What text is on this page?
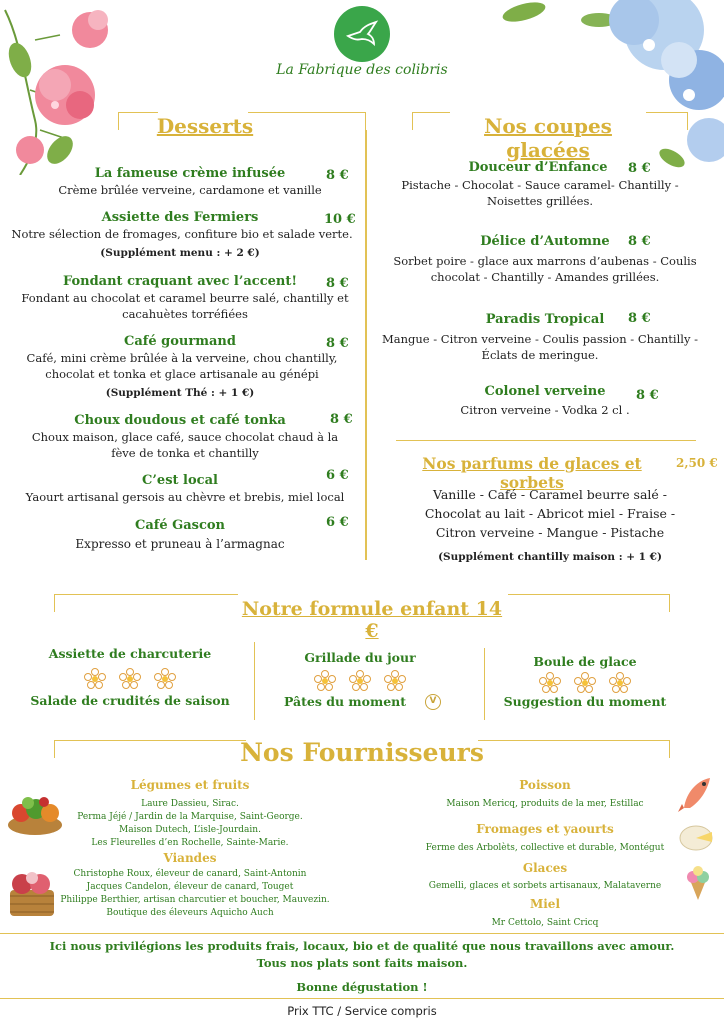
La Fabrique des colibris
Desserts
La fameuse crème infusée	8 €
Crème brûlée verveine, cardamone et vanille
Assiette des Fermiers	10 €
Notre sélection de fromages, confiture bio et salade verte.
(Supplément menu : + 2 €)
Fondant craquant avec l’accent!	8 €
Fondant au chocolat et caramel beurre salé, chantilly et cacahuètes torréfiées
Café gourmand	8 €
Café, mini crème brûlée à la verveine, chou chantilly, chocolat et tonka et glace artisanale au génépi
(Supplément Thé : + 1 €)
Choux doudous et café tonka	8 €
Choux maison, glace café, sauce chocolat chaud à la fève de tonka et chantilly
C’est local	6 €
Yaourt artisanal gersois au chèvre et brebis, miel local
Café Gascon	6 €
Expresso et pruneau à l’armagnac
Nos coupes glacées
Douceur d’Enfance	8 €
Pistache - Chocolat - Sauce caramel- Chantilly - Noisettes grillées.
Délice d’Automne	8 €
Sorbet poire - glace aux marrons d’aubenas - Coulis chocolat - Chantilly - Amandes grillées.
Paradis Tropical	8 €
Mangue - Citron verveine - Coulis passion - Chantilly - Éclats de meringue.
Colonel verveine	8 €
Citron verveine - Vodka 2 cl .
Nos parfums de glaces et sorbets
2,50 €
Vanille - Café - Caramel beurre salé - Chocolat au lait - Abricot miel - Fraise - Citron verveine - Mangue - Pistache
(Supplément chantilly maison : + 1 €)
Notre formule enfant 14 €
Assiette de charcuterie

Salade de crudités de saison
Grillade du jour

Pâtes du moment	V
Boule de glace

Suggestion du moment
Nos Fournisseurs
Légumes et fruits
Laure Dassieu, Sirac.
Perma Jéjé / Jardin de la Marquise, Saint-George.
Maison Dutech, L’isle-Jourdain.
Les Fleurelles d’en Rochelle, Sainte-Marie.
Viandes
Christophe Roux, éleveur de canard, Saint-Antonin
Jacques Candelon, éleveur de canard, Touget
Philippe Berthier, artisan charcutier et boucher, Mauvezin.
Boutique des éleveurs Aquicho Auch
Poisson
Maison Mericq, produits de la mer, Estillac
Fromages et yaourts
Ferme des Arbolèts, collective et durable, Montégut
Glaces
Gemelli, glaces et sorbets artisanaux, Malataverne
Miel
Mr Cettolo, Saint Cricq
Ici nous privilégions les produits frais, locaux, bio et de qualité que nous travaillons avec amour.
Tous nos plats sont faits maison.
Bonne dégustation !
Prix TTC / Service compris
